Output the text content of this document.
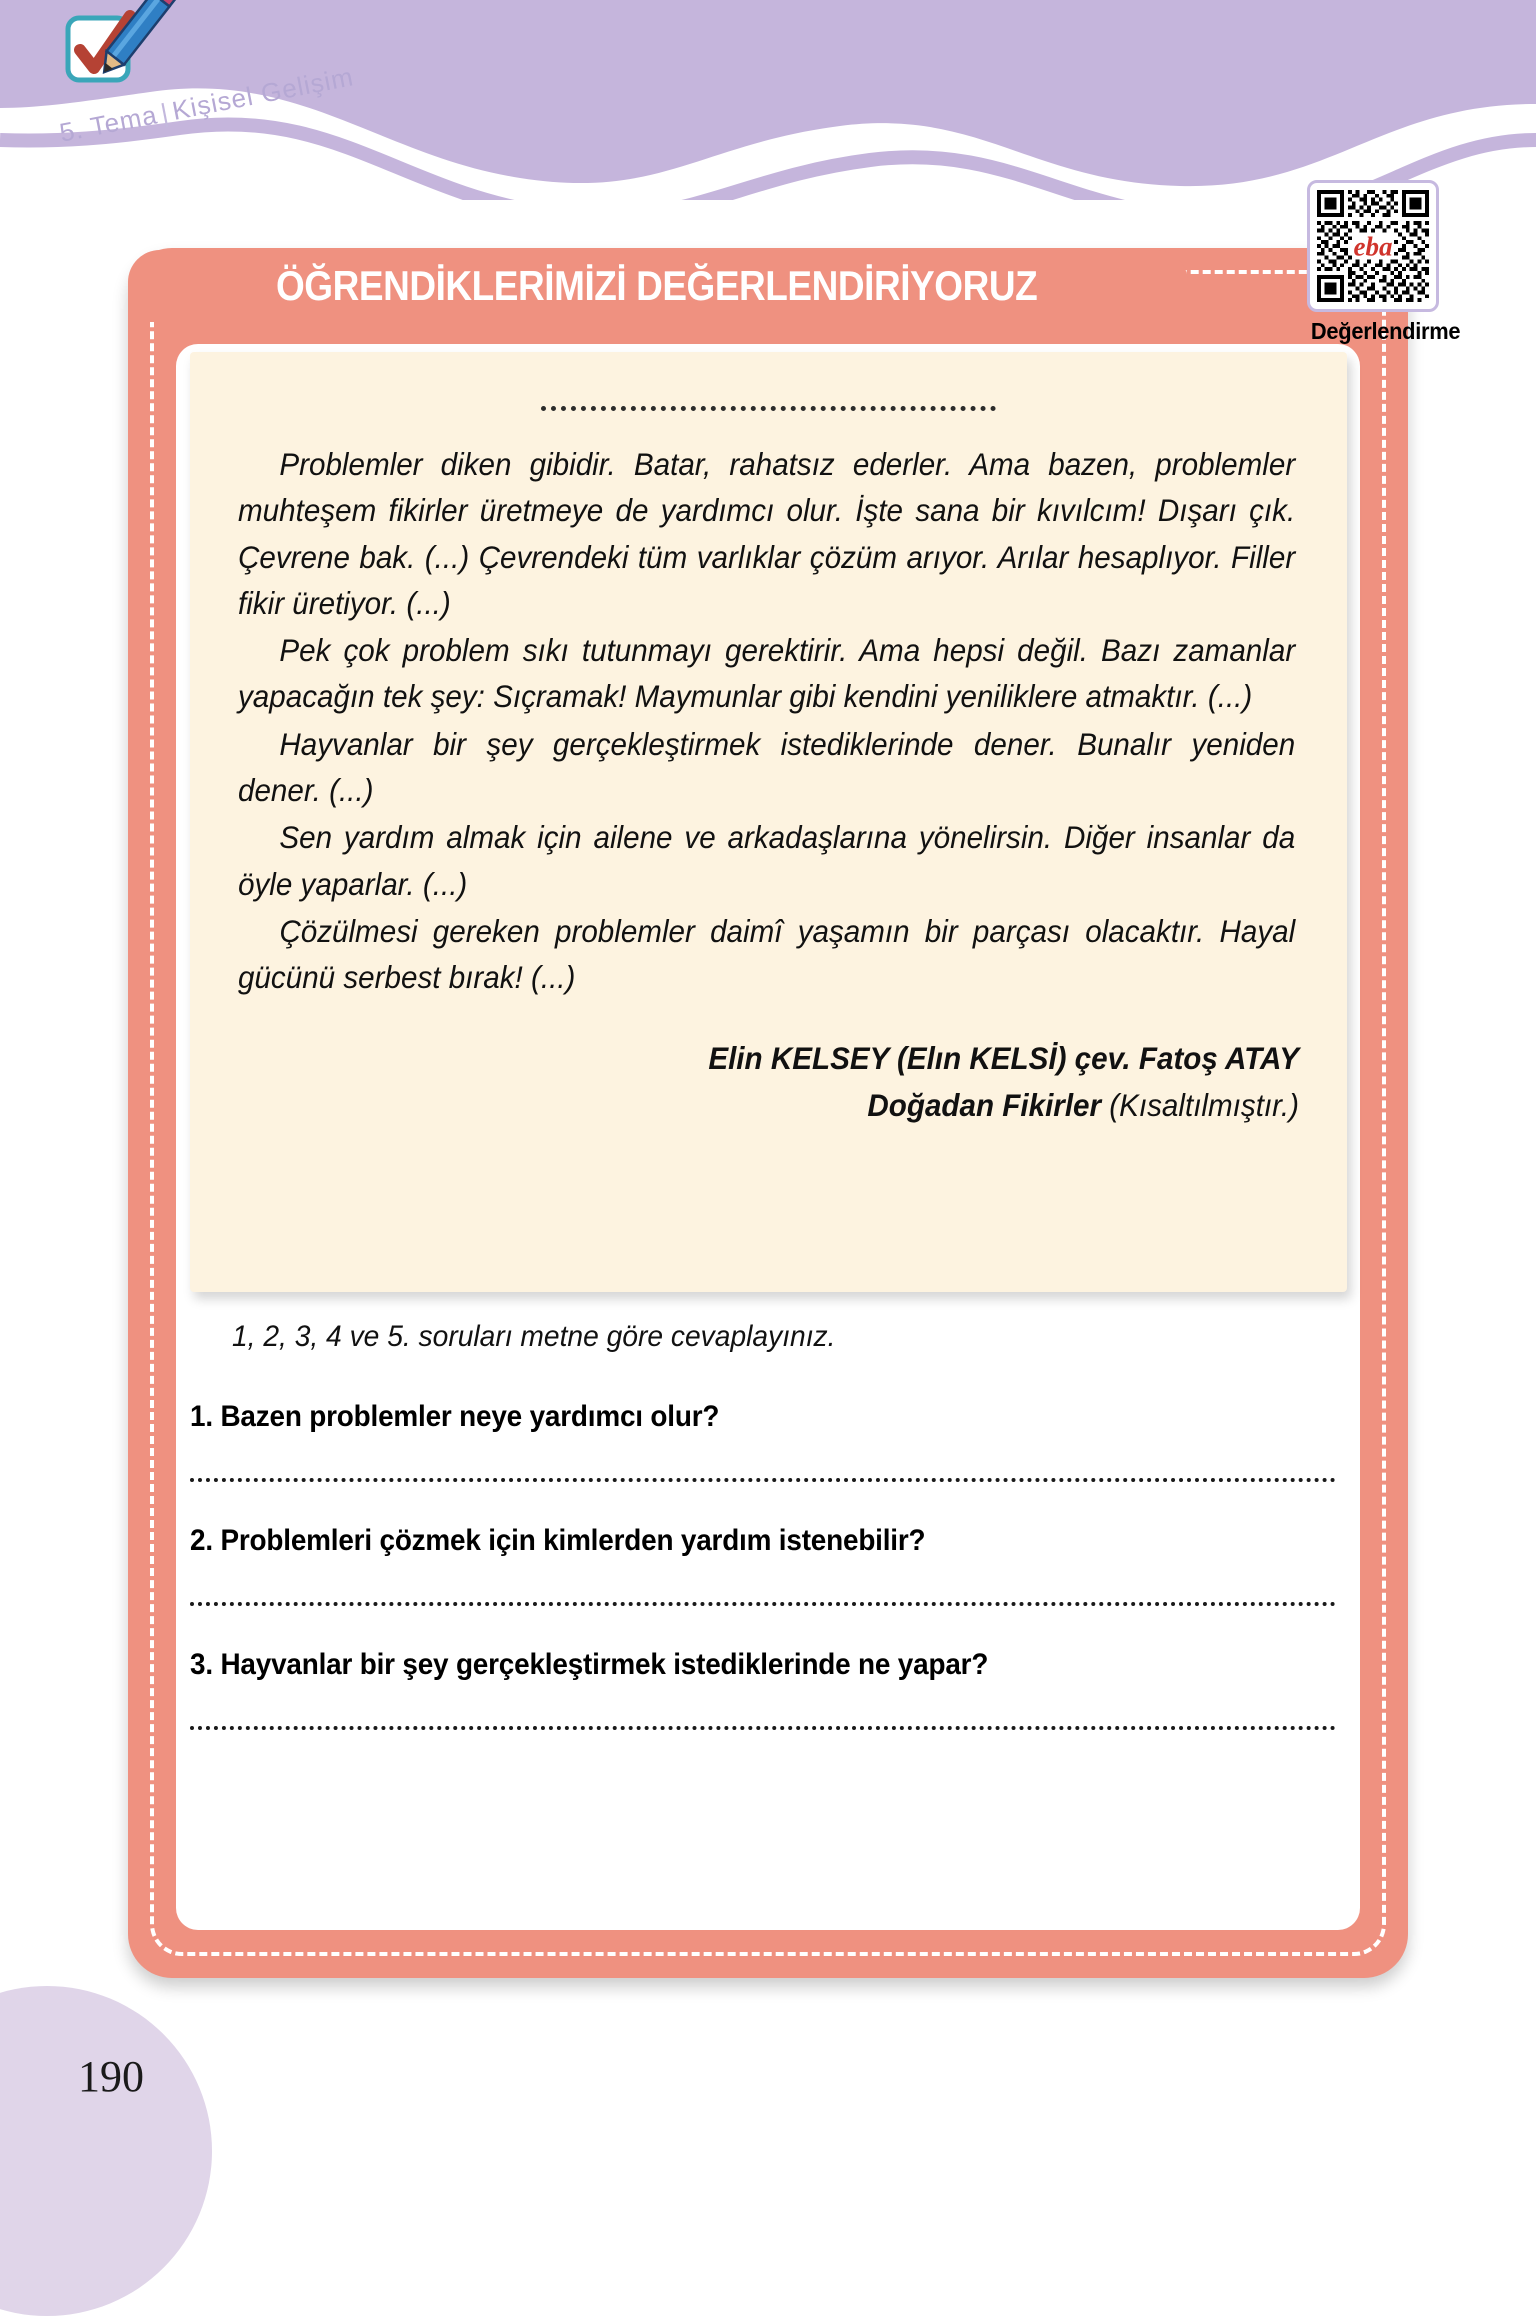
5. Tema|Kişisel Gelişim
ÖĞRENDİKLERİMİZİ DEĞERLENDİRİYORUZ
eba
Değerlendirme
Problemler diken gibidir. Batar, rahatsız ederler. Ama bazen, problemler muhteşem fikirler üretmeye de yardımcı olur. İşte sana bir kıvılcım! Dışarı çık. Çevrene bak. (...) Çevrendeki tüm varlıklar çözüm arıyor. Arılar hesaplıyor. Filler fikir üretiyor. (...)
Pek çok problem sıkı tutunmayı gerektirir. Ama hepsi değil. Bazı zamanlar yapacağın tek şey: Sıçramak! Maymunlar gibi kendini yeniliklere atmaktır. (...)
Hayvanlar bir şey gerçekleştirmek istediklerinde dener. Bunalır yeniden dener. (...)
Sen yardım almak için ailene ve arkadaşlarına yönelirsin. Diğer insanlar da öyle yaparlar. (...)
Çözülmesi gereken problemler daimî yaşamın bir parçası olacaktır. Hayal gücünü serbest bırak! (...)
Elin KELSEY (Elın KELSİ) çev. Fatoş ATAY
Doğadan Fikirler (Kısaltılmıştır.)
1, 2, 3, 4 ve 5. soruları metne göre cevaplayınız.
1. Bazen problemler neye yardımcı olur?
2. Problemleri çözmek için kimlerden yardım istenebilir?
3. Hayvanlar bir şey gerçekleştirmek istediklerinde ne yapar?
190
